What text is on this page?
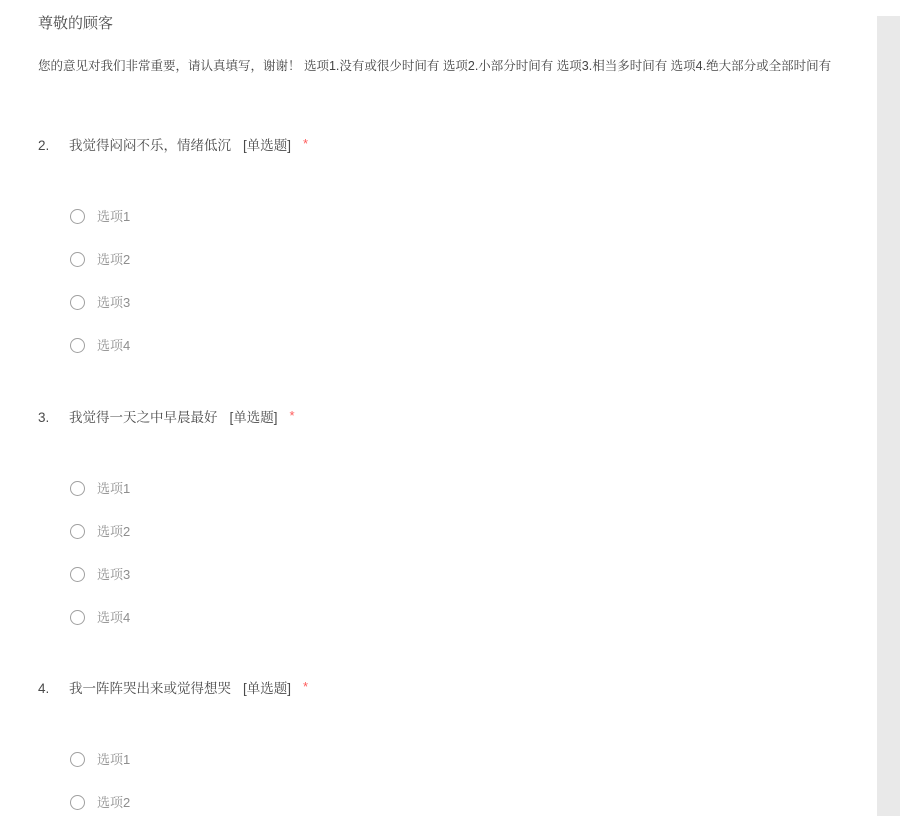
尊敬的顾客
您的意见对我们非常重要，请认真填写，谢谢！ 选项1.没有或很少时间有 选项2.小部分时间有 选项3.相当多时间有 选项4.绝大部分或全部时间有
2.	我觉得闷闷不乐，情绪低沉 [单选题] *
选项1
选项2
选项3
选项4
3.	我觉得一天之中早晨最好 [单选题] *
选项1
选项2
选项3
选项4
4.	我一阵阵哭出来或觉得想哭 [单选题] *
选项1
选项2
